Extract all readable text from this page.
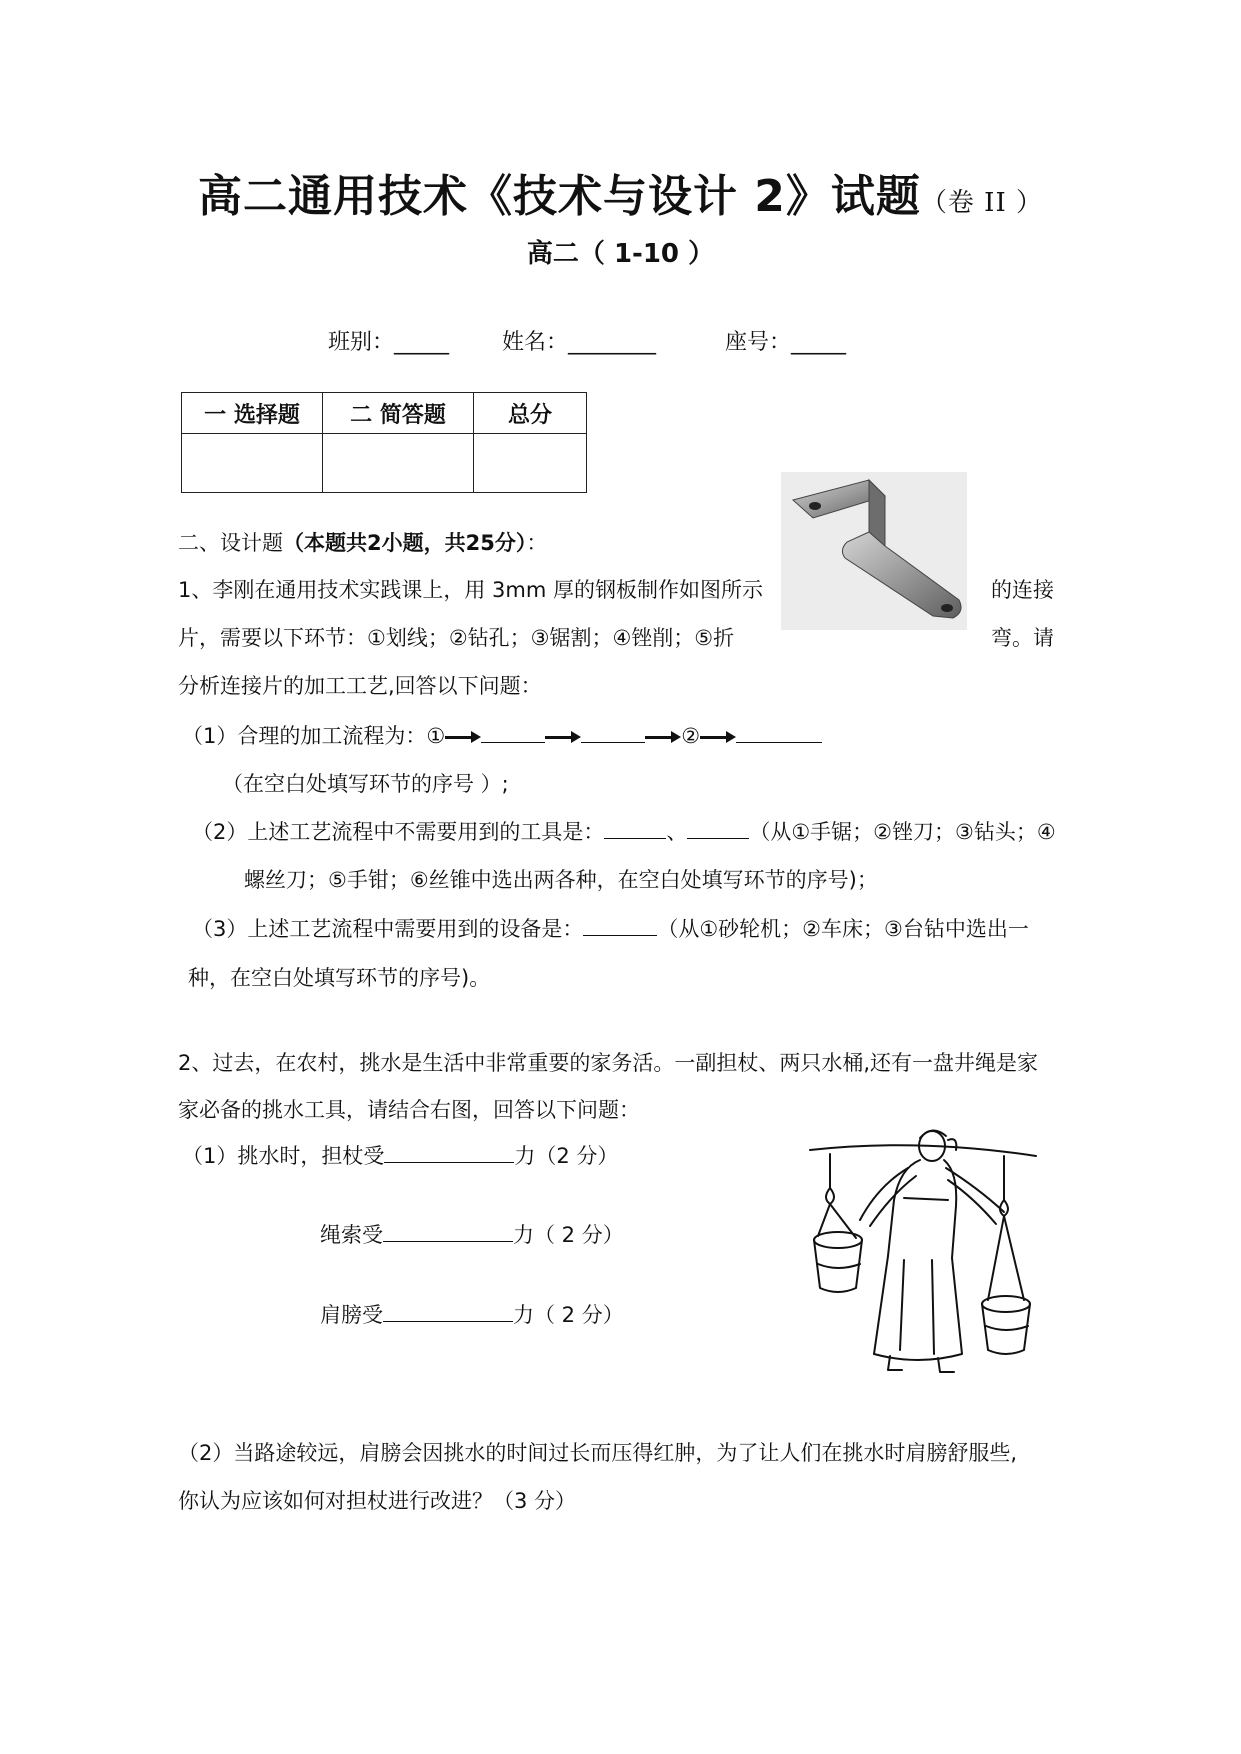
高二通用技术《技术与设计 2》试题（卷 II ）
高二（ 1-10 ）
班别：_____ 姓名：________	座号：_____
一 选择题	二 简答题	总分

二、设计题（本题共2小题，共25分）：
1、李刚在通用技术实践课上，用 3mm 厚的钢板制作如图所示	的连接
片，需要以下环节：①划线；②钻孔；③锯割；④锉削；⑤折	弯。请
分析连接片的加工工艺,回答以下问题：
（1）合理的加工流程为：①	②
（在空白处填写环节的序号 ）;
（2）上述工艺流程中不需要用到的工具是：	、	（从①手锯；②锉刀；③钻头；④
螺丝刀；⑤手钳；⑥丝锥中选出两各种，在空白处填写环节的序号)；
（3）上述工艺流程中需要用到的设备是：	（从①砂轮机；②车床；③台钻中选出一
种，在空白处填写环节的序号)。
2、过去，在农村，挑水是生活中非常重要的家务活。一副担杖、两只水桶,还有一盘井绳是家
家必备的挑水工具，请结合右图，回答以下问题：
（1）挑水时，担杖受	力（2 分）
绳索受	力（ 2 分）
肩膀受	力（ 2 分）
（2）当路途较远，肩膀会因挑水的时间过长而压得红肿，为了让人们在挑水时肩膀舒服些,
你认为应该如何对担杖进行改进？（3 分）
